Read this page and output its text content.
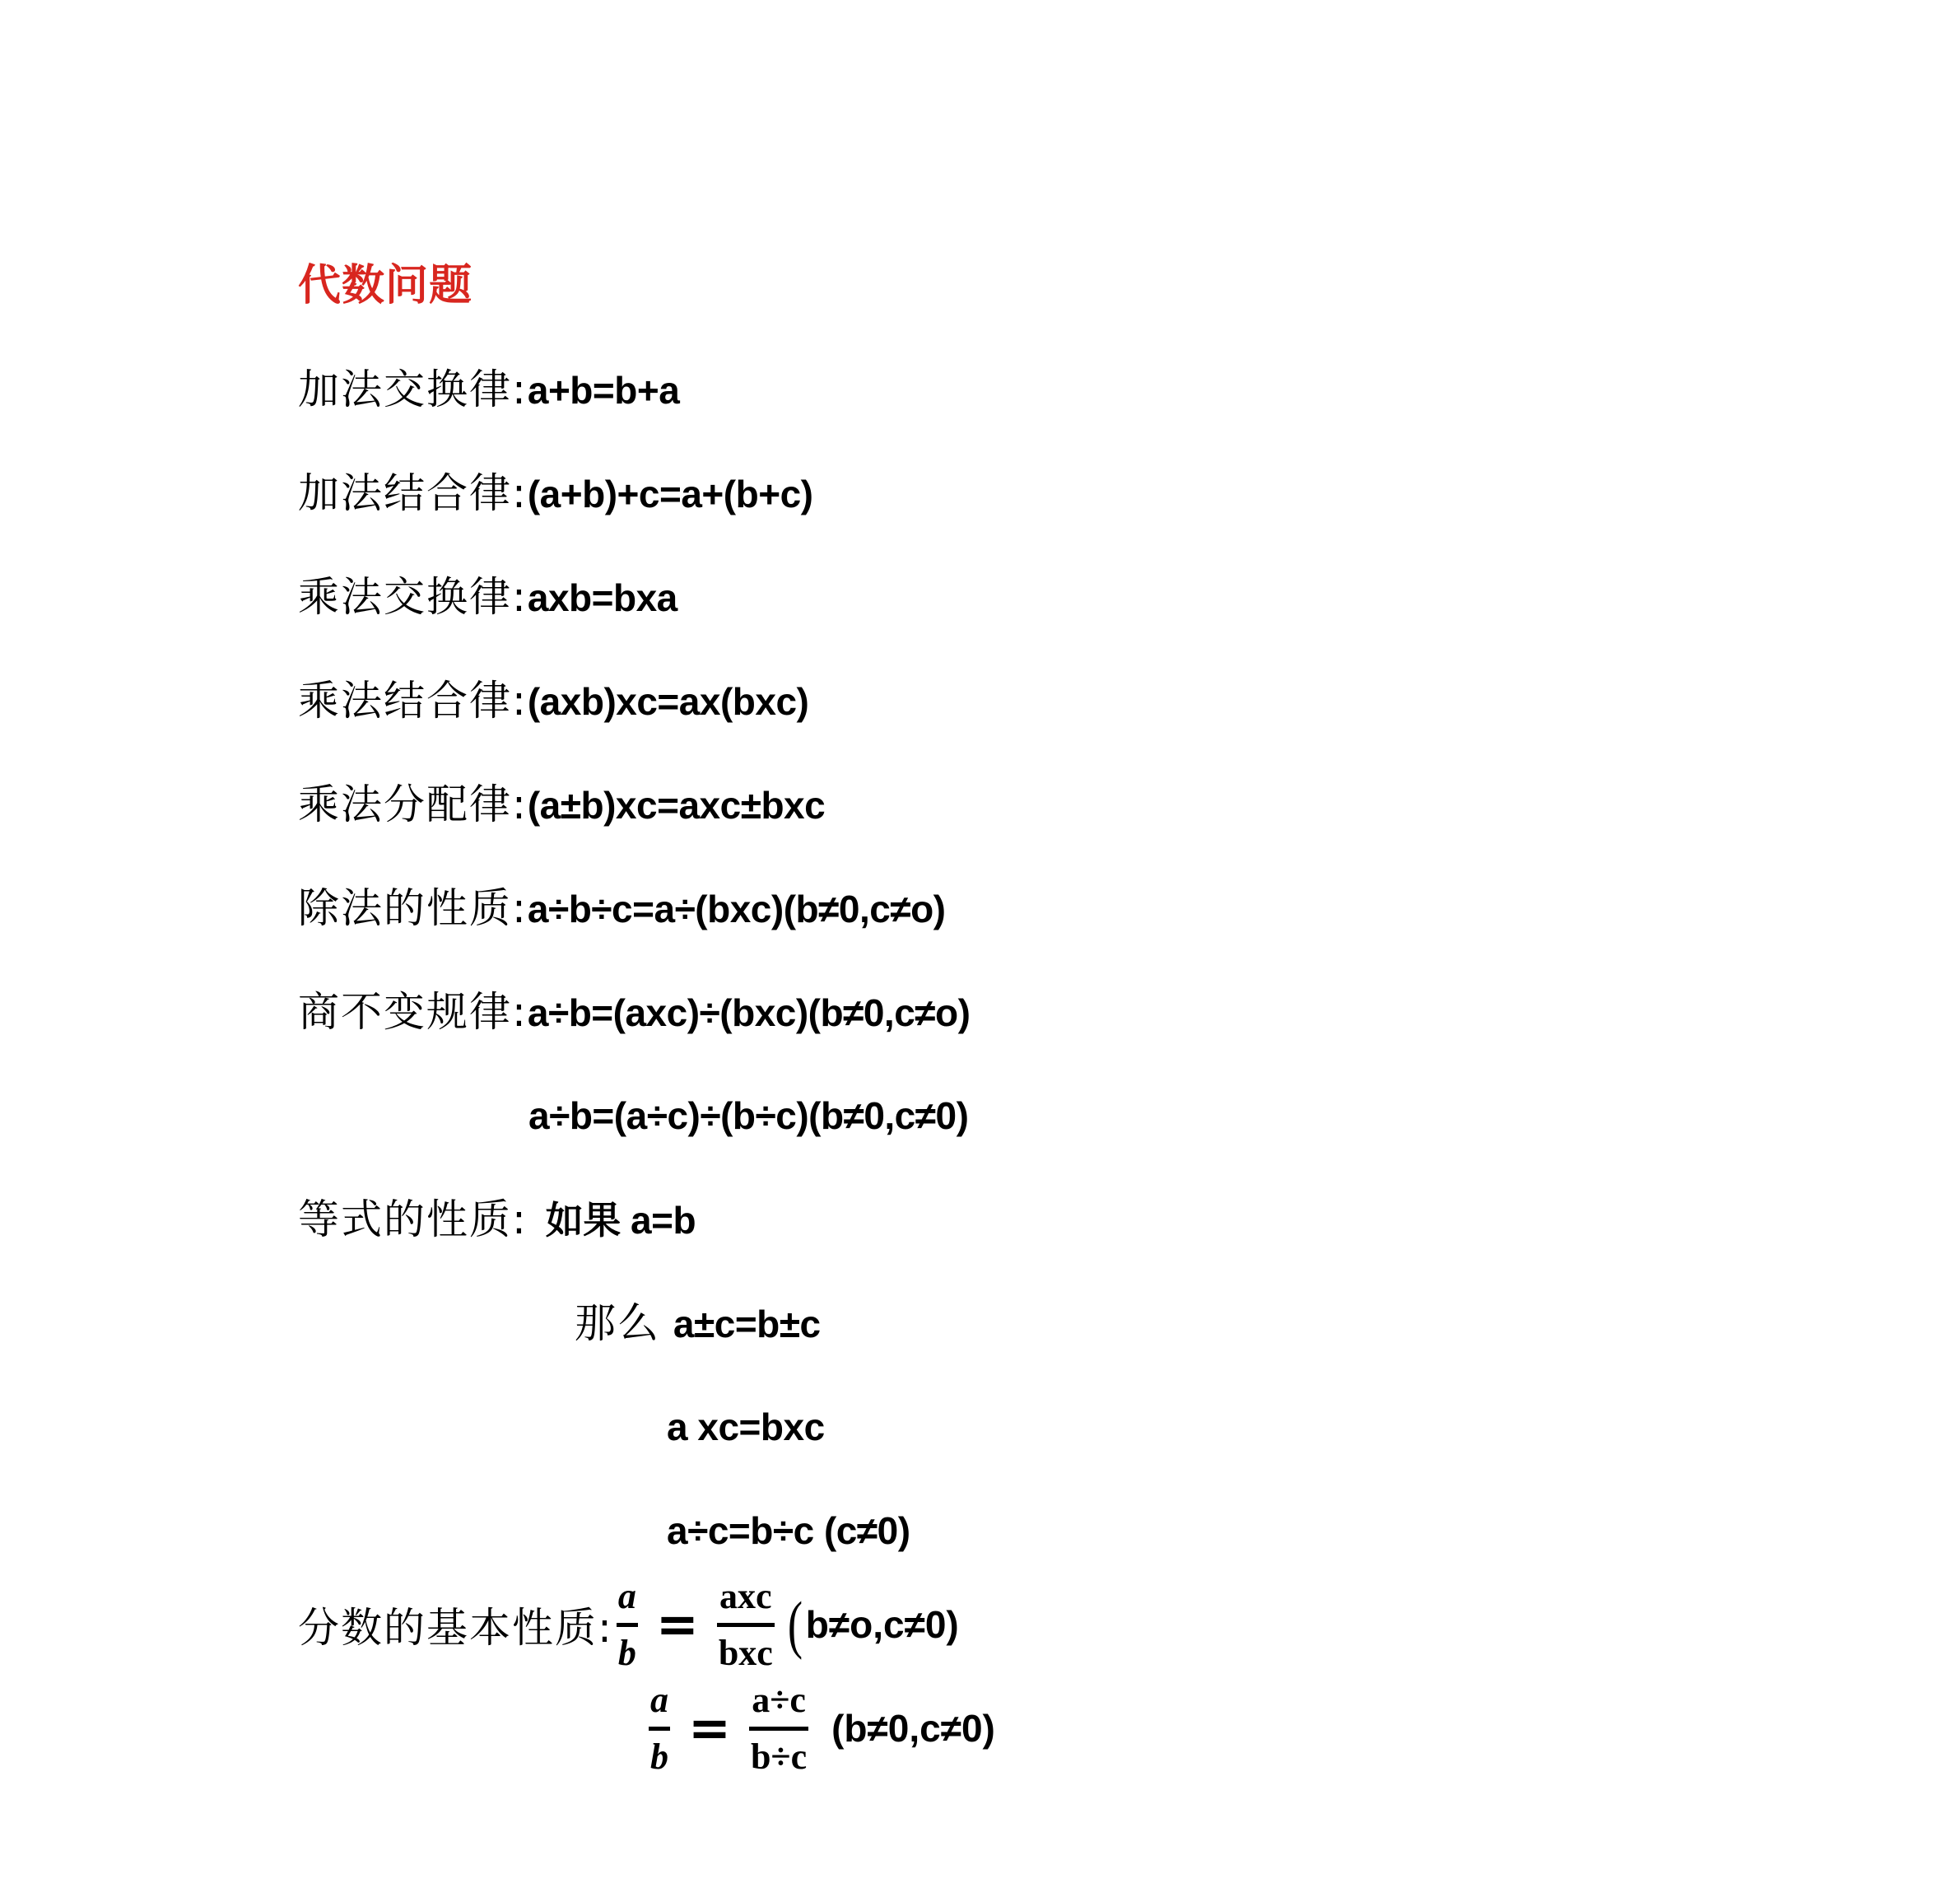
代数问题
加法交换律:a+b=b+a
加法结合律:(a+b)+c=a+(b+c)
乘法交换律:axb=bxa
乘法结合律:(axb)xc=ax(bxc)
乘法分配律:(a±b)xc=axc±bxc
除法的性质:a÷b÷c=a÷(bxc)(b≠0,c≠o)
商不变规律:a÷b=(axc)÷(bxc)(b≠0,c≠o)
a÷b=(a÷c)÷(b÷c)(b≠0,c≠0)
等式的性质: 如果 a=b
那么 a±c=b±c
a xc=bxc
a÷c=b÷c (c≠0)
分数的基本性质:
a
b = axc
bxc ( b≠o,c≠0)
a
b = a÷c
b÷c
(b≠0,c≠0)
